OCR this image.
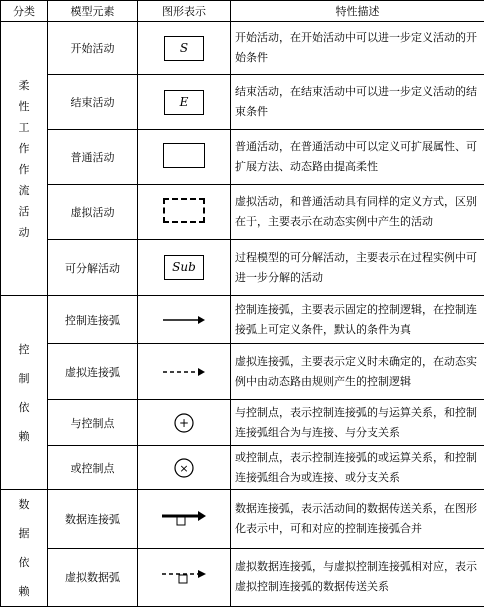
分类	模型元素	图形表示	特性描述
柔性工作作流活动	开始活动	S	开始活动，在开始活动中可以进一步定义活动的开始条件
	结束活动	E	结束活动，在结束活动中可以进一步定义活动的结束条件
	普通活动		普通活动，在普通活动中可以定义可扩展属性、可扩展方法、动态路由提高柔性
	虚拟活动		虚拟活动，和普通活动具有同样的定义方式，区别在于，主要表示在动态实例中产生的活动
	可分解活动	Sub	过程模型的可分解活动，主要表示在过程实例中可进一步分解的活动
控制依赖	控制连接弧		控制连接弧，主要表示固定的控制逻辑，在控制连接弧上可定义条件，默认的条件为真
	虚拟连接弧		虚拟连接弧，主要表示定义时未确定的，在动态实例中由动态路由规则产生的控制逻辑
	与控制点	+	与控制点，表示控制连接弧的与运算关系，和控制连接弧组合为与连接、与分支关系
	或控制点	×	或控制点，表示控制连接弧的或运算关系，和控制连接弧组合为或连接、或分支关系
数据依赖	数据连接弧		数据连接弧，表示活动间的数据传送关系，在图形化表示中，可和对应的控制连接弧合并
	虚拟数据弧		虚拟数据连接弧，与虚拟控制连接弧相对应，表示虚拟控制连接弧的数据传送关系
